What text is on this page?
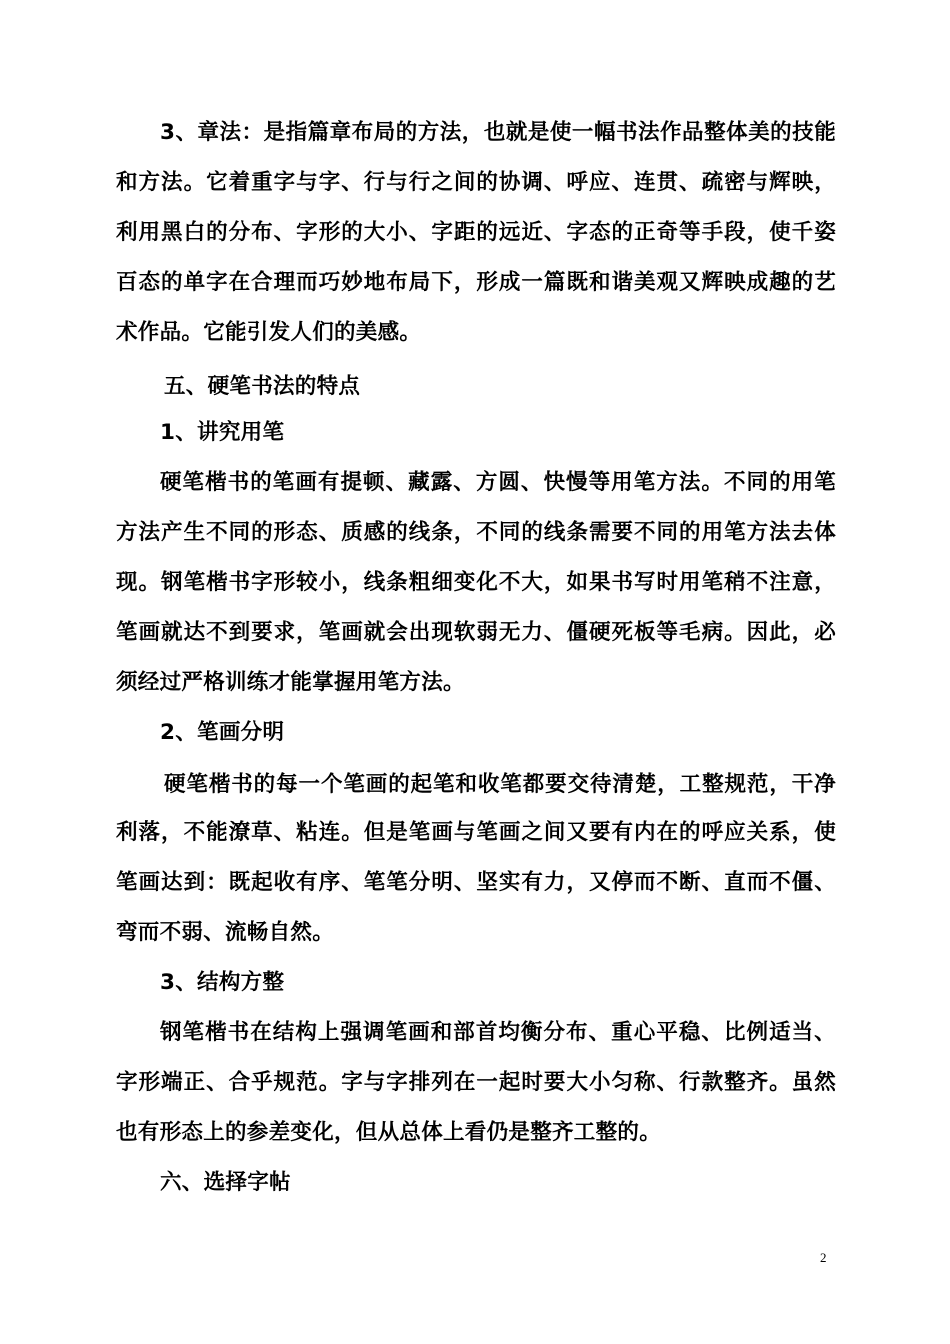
3、章法：是指篇章布局的方法，也就是使一幅书法作品整体美的技能
和方法。它着重字与字、行与行之间的协调、呼应、连贯、疏密与辉映，
利用黑白的分布、字形的大小、字距的远近、字态的正奇等手段，使千姿
百态的单字在合理而巧妙地布局下，形成一篇既和谐美观又辉映成趣的艺
术作品。它能引发人们的美感。
五、硬笔书法的特点
1、讲究用笔
硬笔楷书的笔画有提顿、藏露、方圆、快慢等用笔方法。不同的用笔
方法产生不同的形态、质感的线条，不同的线条需要不同的用笔方法去体
现。钢笔楷书字形较小，线条粗细变化不大，如果书写时用笔稍不注意，
笔画就达不到要求，笔画就会出现软弱无力、僵硬死板等毛病。因此，必
须经过严格训练才能掌握用笔方法。
2、笔画分明
硬笔楷书的每一个笔画的起笔和收笔都要交待清楚，工整规范，干净
利落，不能潦草、粘连。但是笔画与笔画之间又要有内在的呼应关系，使
笔画达到：既起收有序、笔笔分明、坚实有力，又停而不断、直而不僵、
弯而不弱、流畅自然。
3、结构方整
钢笔楷书在结构上强调笔画和部首均衡分布、重心平稳、比例适当、
字形端正、合乎规范。字与字排列在一起时要大小匀称、行款整齐。虽然
也有形态上的参差变化，但从总体上看仍是整齐工整的。
六、选择字帖
2
